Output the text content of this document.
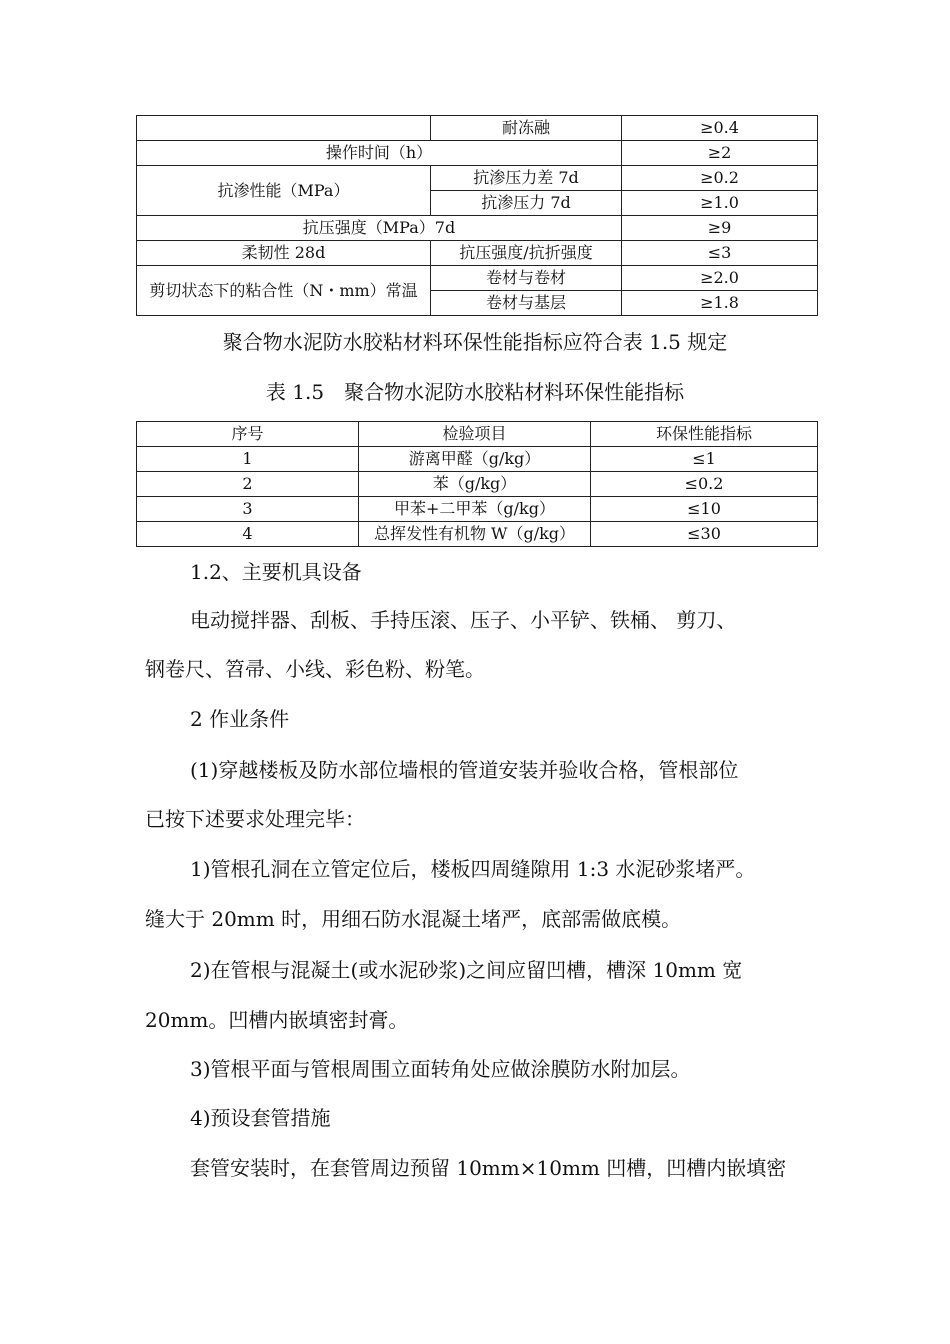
	耐冻融	≥0.4
操作时间（h）		≥2
抗渗性能（MPa）	抗渗压力差 7d	≥0.2
	抗渗压力 7d	≥1.0
抗压强度（MPa）7d		≥9
柔韧性 28d	抗压强度/抗折强度	≤3
剪切状态下的粘合性（N・mm）常温	卷材与卷材	≥2.0
	卷材与基层	≥1.8
聚合物水泥防水胶粘材料环保性能指标应符合表 1.5 规定
表 1.5　聚合物水泥防水胶粘材料环保性能指标
序号	检验项目	环保性能指标
1	游离甲醛（g/kg）	≤1
2	苯（g/kg）	≤0.2
3	甲苯+二甲苯（g/kg）	≤10
4	总挥发性有机物 W（g/kg）	≤30

1.2、主要机具设备

电动搅拌器、刮板、手持压滚、压子、小平铲、铁桶、 剪刀、

钢卷尺、笤帚、小线、彩色粉、粉笔。

2 作业条件

(1)穿越楼板及防水部位墙根的管道安装并验收合格，管根部位

已按下述要求处理完毕：

1)管根孔洞在立管定位后，楼板四周缝隙用 1:3 水泥砂浆堵严。

缝大于 20mm 时，用细石防水混凝土堵严，底部需做底模。

2)在管根与混凝土(或水泥砂浆)之间应留凹槽，槽深 10mm 宽

20mm。凹槽内嵌填密封膏。

3)管根平面与管根周围立面转角处应做涂膜防水附加层。

4)预设套管措施

套管安装时，在套管周边预留 10mm×10mm 凹槽，凹槽内嵌填密
